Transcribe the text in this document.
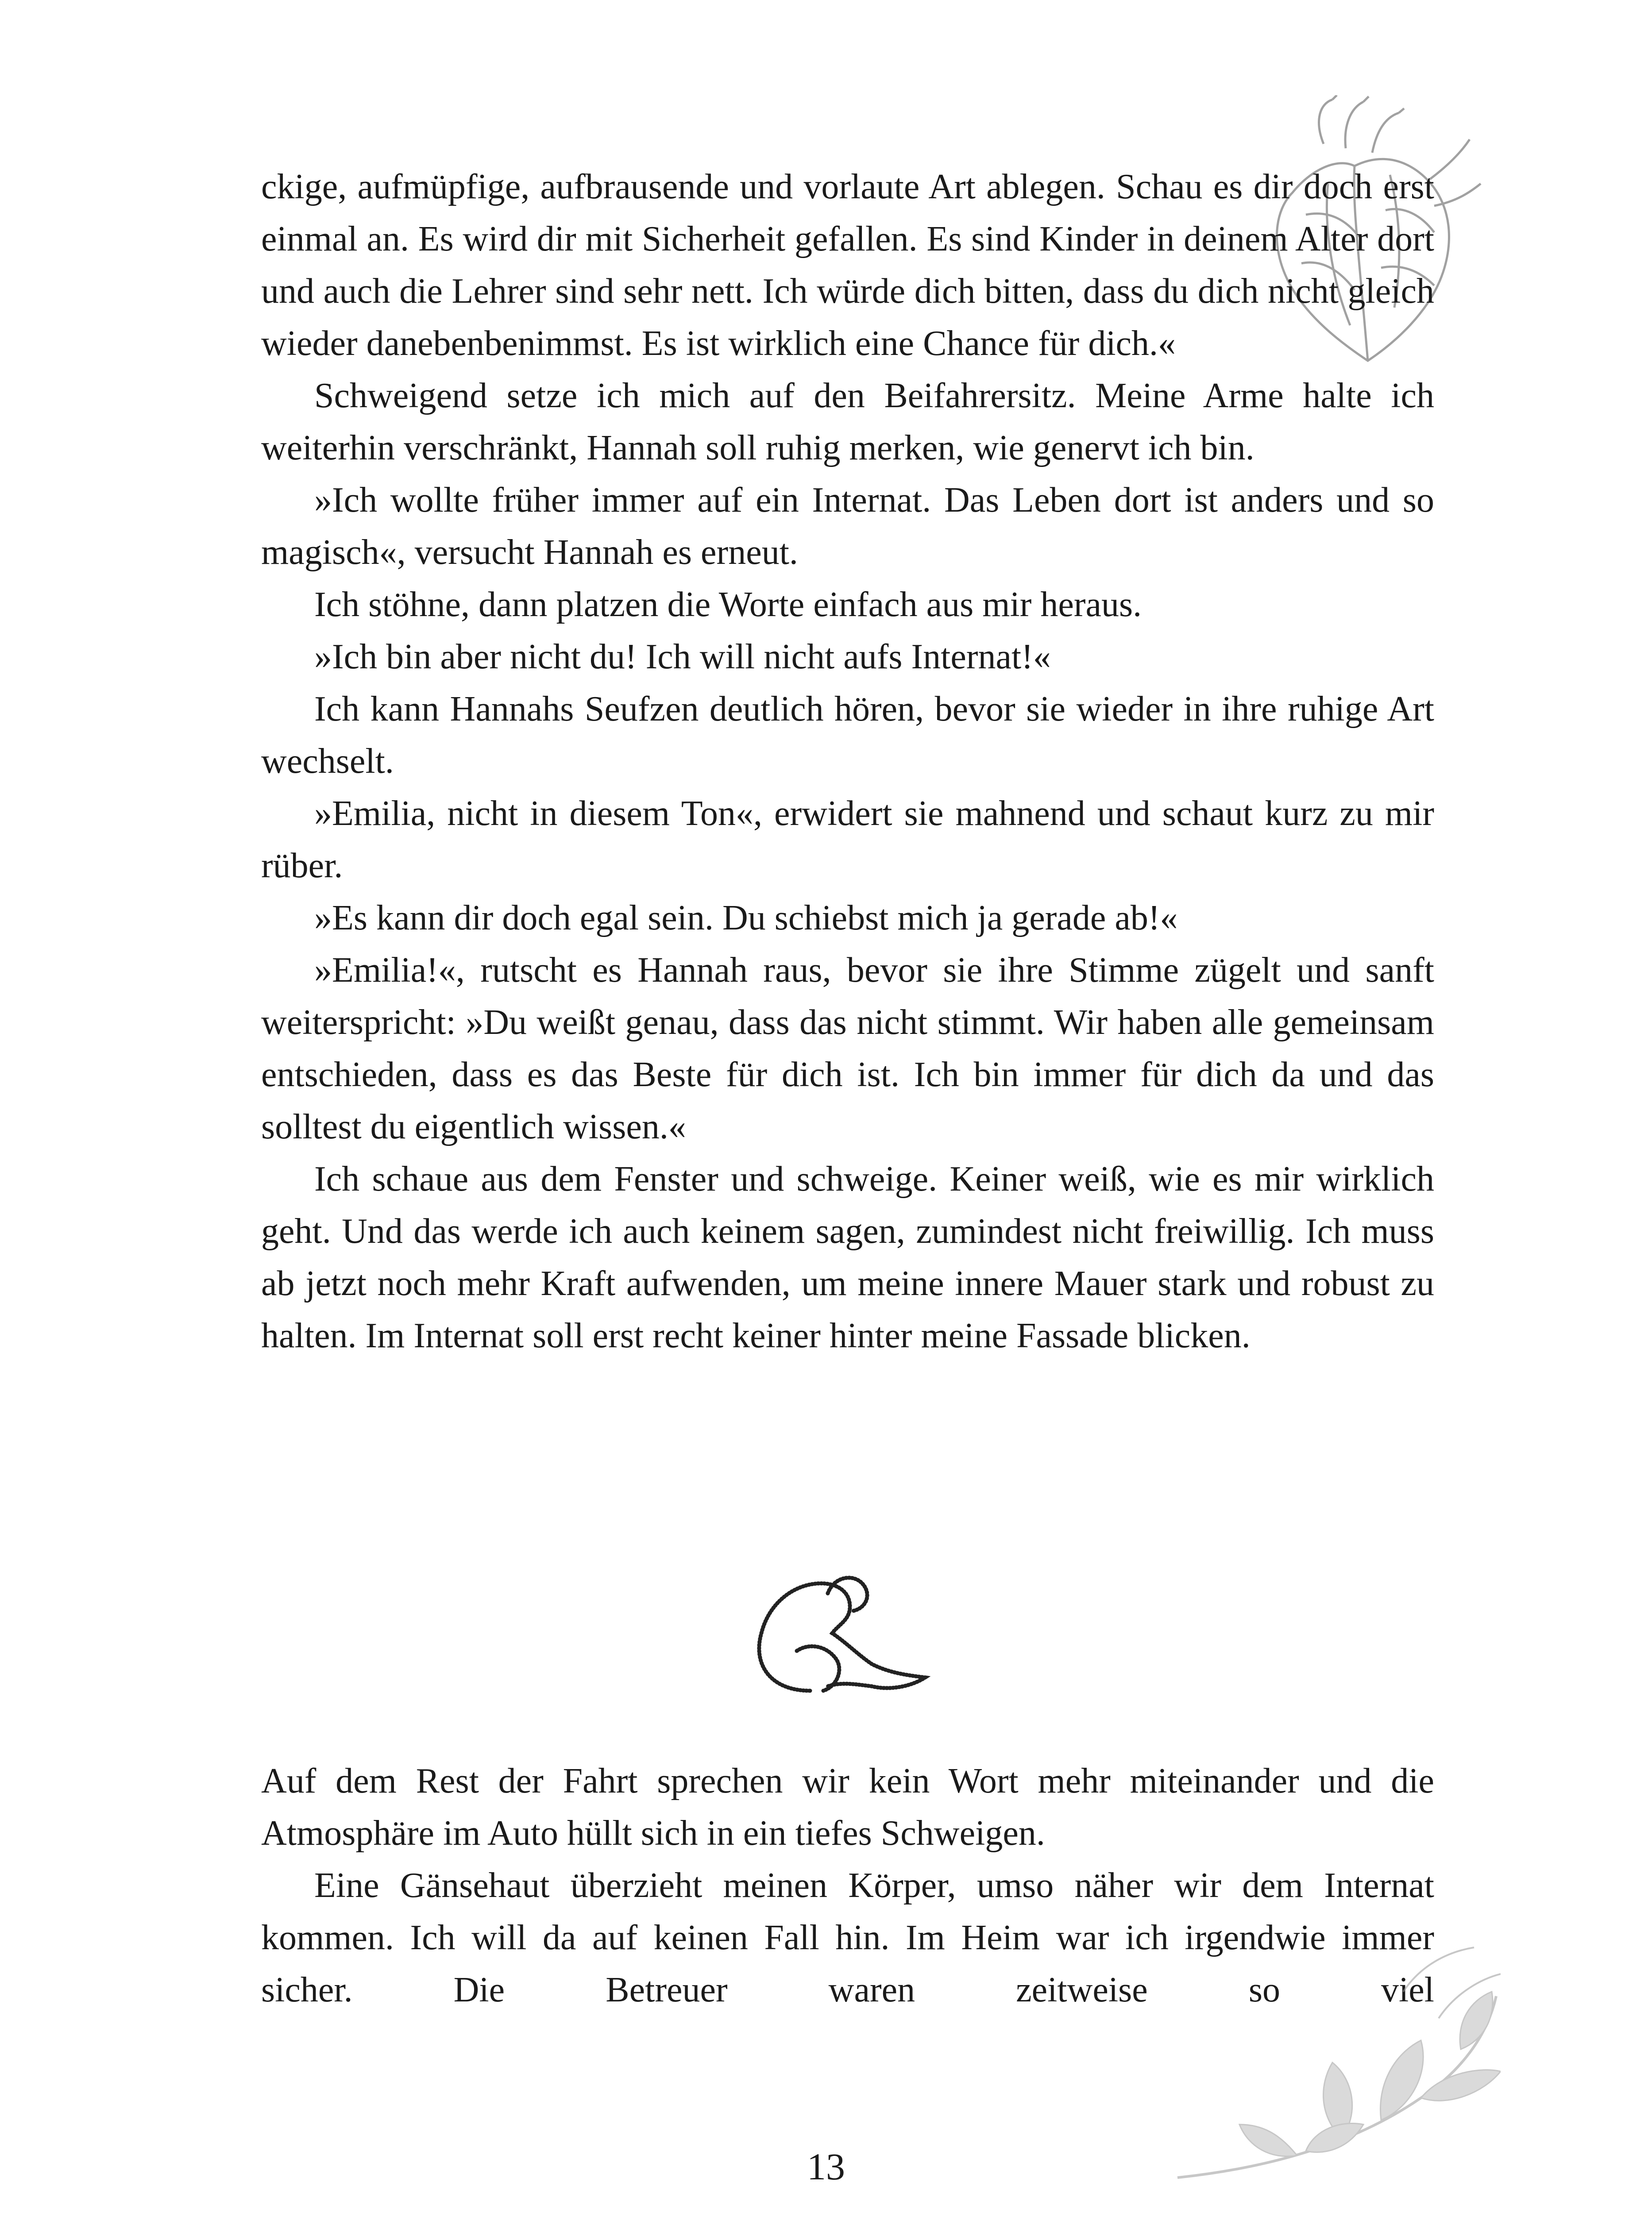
ckige, aufmüpfige, aufbrausende und vorlaute Art ablegen. Schau es dir doch erst einmal an. Es wird dir mit Sicherheit gefallen. Es sind Kinder in deinem Alter dort und auch die Lehrer sind sehr nett. Ich würde dich bitten, dass du dich nicht gleich wieder danebenbenimmst. Es ist wirklich eine Chance für dich.«

Schweigend setze ich mich auf den Beifahrersitz. Meine Arme halte ich weiterhin verschränkt, Hannah soll ruhig merken, wie genervt ich bin.

»Ich wollte früher immer auf ein Internat. Das Leben dort ist anders und so magisch«, versucht Hannah es erneut.

Ich stöhne, dann platzen die Worte einfach aus mir heraus.

»Ich bin aber nicht du! Ich will nicht aufs Internat!«

Ich kann Hannahs Seufzen deutlich hören, bevor sie wieder in ihre ruhige Art wechselt.

»Emilia, nicht in diesem Ton«, erwidert sie mahnend und schaut kurz zu mir rüber.

»Es kann dir doch egal sein. Du schiebst mich ja gerade ab!«

»Emilia!«, rutscht es Hannah raus, bevor sie ihre Stimme zügelt und sanft weiterspricht: »Du weißt genau, dass das nicht stimmt. Wir haben alle gemeinsam entschieden, dass es das Beste für dich ist. Ich bin immer für dich da und das solltest du eigentlich wissen.«

Ich schaue aus dem Fenster und schweige. Keiner weiß, wie es mir wirklich geht. Und das werde ich auch keinem sagen, zumindest nicht freiwillig. Ich muss ab jetzt noch mehr Kraft aufwenden, um meine innere Mauer stark und robust zu halten. Im Internat soll erst recht keiner hinter meine Fassade blicken.

Auf dem Rest der Fahrt sprechen wir kein Wort mehr miteinander und die Atmosphäre im Auto hüllt sich in ein tiefes Schweigen.

Eine Gänsehaut überzieht meinen Körper, umso näher wir dem Internat kommen. Ich will da auf keinen Fall hin. Im Heim war ich irgendwie immer sicher. Die Betreuer waren zeitweise so viel

13
